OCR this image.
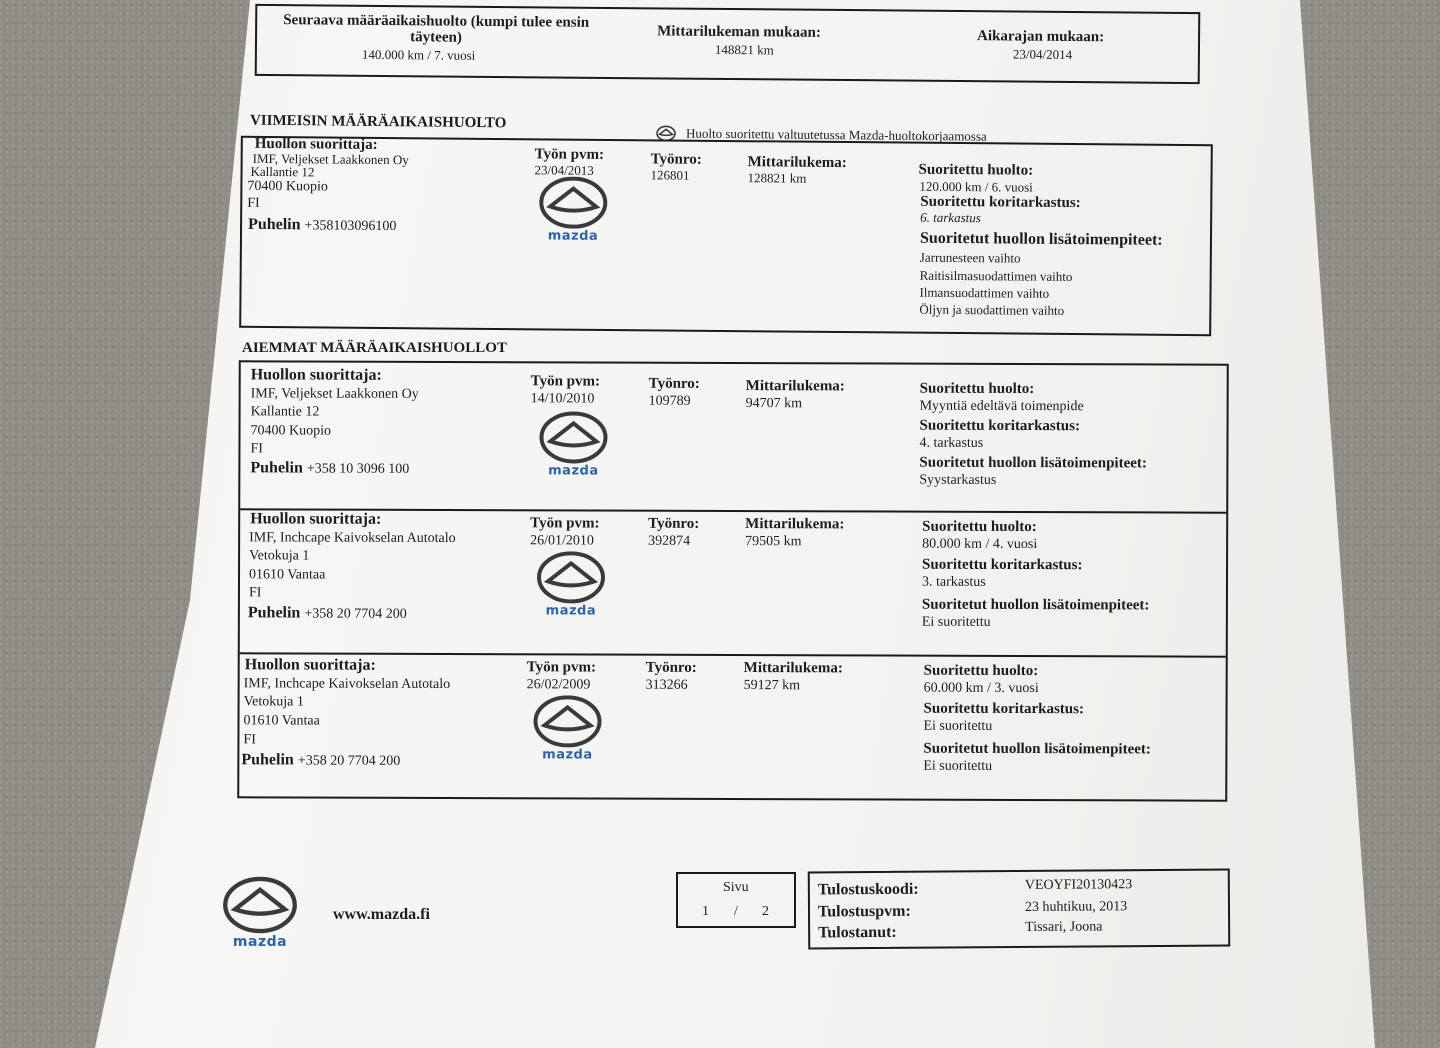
Seuraava määräaikaishuolto (kumpi tulee ensin täyteen)
140.000 km / 7. vuosi
Mittarilukeman mukaan:
148821 km
Aikarajan mukaan:
23/04/2014
VIIMEISIN MÄÄRÄAIKAISHUOLTO
Huolto suoritettu valtuutetussa Mazda-huoltokorjaamossa
Huollon suorittaja:
IMF, Veljekset Laakkonen Oy
Kallantie 12
70400 Kuopio
FI
Puhelin +358103096100
Työn pvm:
23/04/2013
mazda
Työnro:
126801
Mittarilukema:
128821 km	Suoritettu huolto:
120.000 km / 6. vuosi
Suoritettu koritarkastus:
6. tarkastus
Suoritetut huollon lisätoimenpiteet:
Jarrunesteen vaihto
Raitisilmasuodattimen vaihto
Ilmansuodattimen vaihto
Öljyn ja suodattimen vaihto
AIEMMAT MÄÄRÄAIKAISHUOLLOT
Huollon suorittaja:
IMF, Veljekset Laakkonen Oy
Kallantie 12
70400 Kuopio
FI
Puhelin +358 10 3096 100
Työn pvm:
14/10/2010
mazda
Työnro:
109789
Mittarilukema:
94707 km
Suoritettu huolto:
Myyntiä edeltävä toimenpide
Suoritettu koritarkastus:
4. tarkastus
Suoritetut huollon lisätoimenpiteet:
Syystarkastus
Huollon suorittaja:
IMF, Inchcape Kaivokselan Autotalo
Vetokuja 1
01610 Vantaa
FI
Puhelin +358 20 7704 200
Työn pvm:
26/01/2010
mazda
Työnro:
392874
Mittarilukema:
79505 km
Suoritettu huolto:
80.000 km / 4. vuosi
Suoritettu koritarkastus:
3. tarkastus
Suoritetut huollon lisätoimenpiteet:
Ei suoritettu
Huollon suorittaja:
IMF, Inchcape Kaivokselan Autotalo
Vetokuja 1
01610 Vantaa
FI
Puhelin +358 20 7704 200
Työn pvm:
26/02/2009
mazda
Työnro:
313266
Mittarilukema:
59127 km
Suoritettu huolto:
60.000 km / 3. vuosi
Suoritettu koritarkastus:
Ei suoritettu
Suoritetut huollon lisätoimenpiteet:
Ei suoritettu
mazda
www.mazda.fi
Sivu
1 / 2
Tulostuskoodi:	VEOYFI20130423
Tulostuspvm:	23 huhtikuu, 2013
Tulostanut:	Tissari, Joona
